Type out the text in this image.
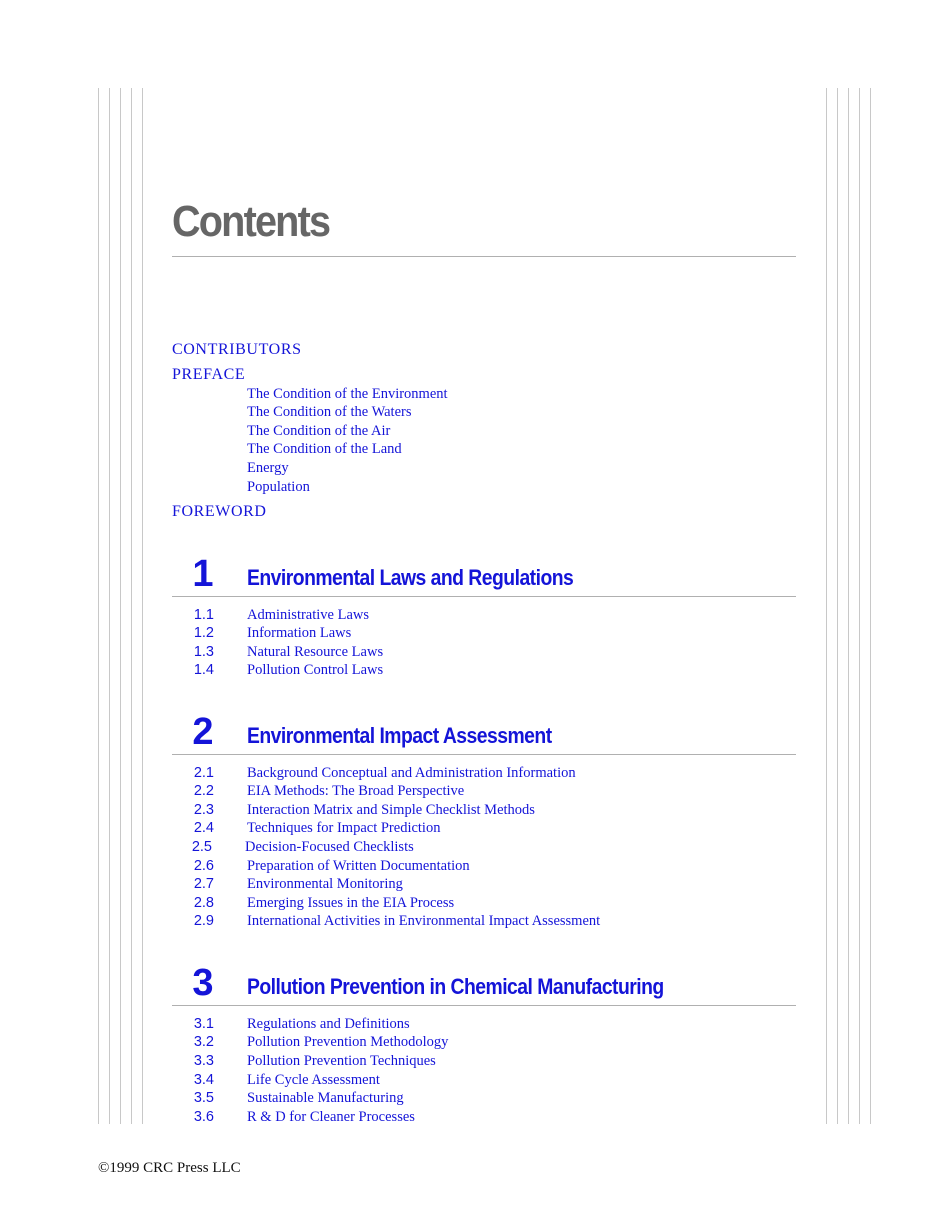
Contents
CONTRIBUTORS
PREFACE
The Condition of the Environment
The Condition of the Waters
The Condition of the Air
The Condition of the Land
Energy
Population
FOREWORD
1	Environmental Laws and Regulations
1.1 Administrative Laws
1.2 Information Laws
1.3 Natural Resource Laws
1.4 Pollution Control Laws
2	Environmental Impact Assessment
2.1 Background Conceptual and Administration Information
2.2 EIA Methods: The Broad Perspective
2.3 Interaction Matrix and Simple Checklist Methods
2.4 Techniques for Impact Prediction
2.5 Decision-Focused Checklists
2.6 Preparation of Written Documentation
2.7 Environmental Monitoring
2.8 Emerging Issues in the EIA Process
2.9 International Activities in Environmental Impact Assessment
3	Pollution Prevention in Chemical Manufacturing
3.1 Regulations and Definitions
3.2 Pollution Prevention Methodology
3.3 Pollution Prevention Techniques
3.4 Life Cycle Assessment
3.5 Sustainable Manufacturing
3.6 R & D for Cleaner Processes
©1999 CRC Press LLC
